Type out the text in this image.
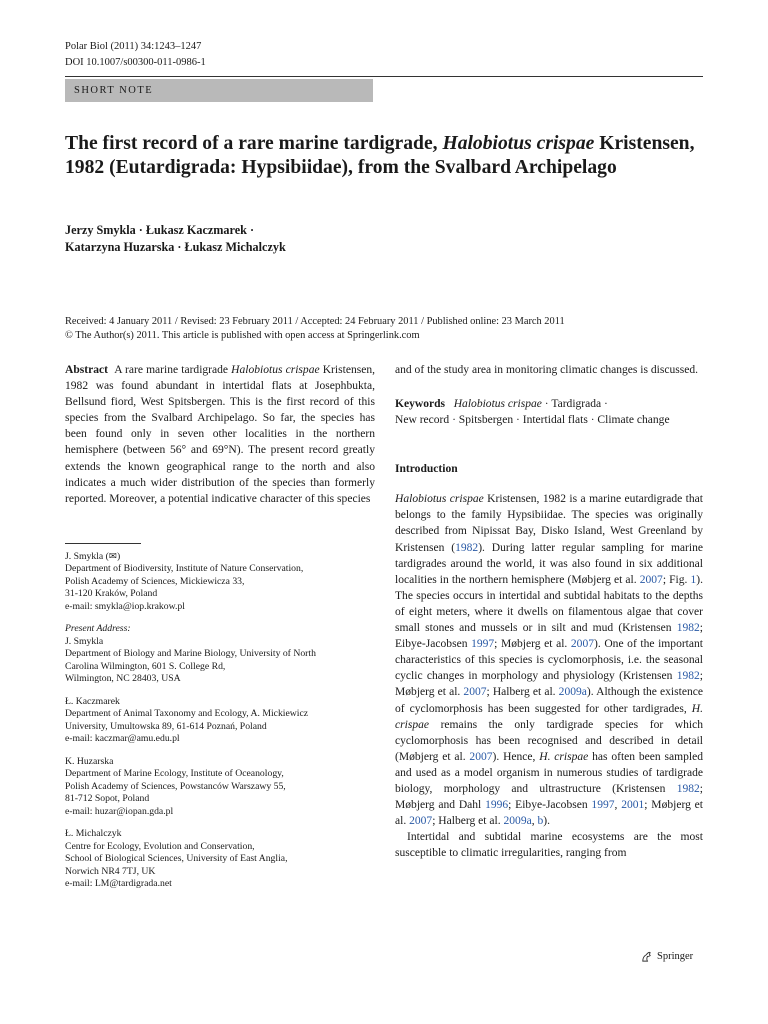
Polar Biol (2011) 34:1243–1247
DOI 10.1007/s00300-011-0986-1
SHORT NOTE
The first record of a rare marine tardigrade, Halobiotus crispae Kristensen, 1982 (Eutardigrada: Hypsibiidae), from the Svalbard Archipelago
Jerzy Smykla · Łukasz Kaczmarek ·
Katarzyna Huzarska · Łukasz Michalczyk
Received: 4 January 2011 / Revised: 23 February 2011 / Accepted: 24 February 2011 / Published online: 23 March 2011
© The Author(s) 2011. This article is published with open access at Springerlink.com

Abstract A rare marine tardigrade Halobiotus crispae Kristensen, 1982 was found abundant in intertidal flats at Josephbukta, Bellsund fiord, West Spitsbergen. This is the first record of this species from the Svalbard Archipelago. So far, the species has been found only in seven other localities in the northern hemisphere (between 56° and 69°N). The present record greatly extends the known geographical range to the north and also indicates a much wider distribution of the species than formerly reported. Moreover, a potential indicative character of this species

J. Smykla (✉)

Department of Biodiversity, Institute of Nature Conservation,

Polish Academy of Sciences, Mickiewicza 33,

31-120 Kraków, Poland

e-mail: smykla@iop.krakow.pl

Present Address:

J. Smykla

Department of Biology and Marine Biology, University of North

Carolina Wilmington, 601 S. College Rd,

Wilmington, NC 28403, USA

Ł. Kaczmarek

Department of Animal Taxonomy and Ecology, A. Mickiewicz

University, Umultowska 89, 61-614 Poznań, Poland

e-mail: kaczmar@amu.edu.pl

K. Huzarska

Department of Marine Ecology, Institute of Oceanology,

Polish Academy of Sciences, Powstanców Warszawy 55,

81-712 Sopot, Poland

e-mail: huzar@iopan.gda.pl

Ł. Michalczyk

Centre for Ecology, Evolution and Conservation,

School of Biological Sciences, University of East Anglia,

Norwich NR4 7TJ, UK

e-mail: LM@tardigrada.net

and of the study area in monitoring climatic changes is discussed.

Keywords Halobiotus crispae · Tardigrada ·
New record · Spitsbergen · Intertidal flats · Climate change

Introduction

Halobiotus crispae Kristensen, 1982 is a marine eutardigrade that belongs to the family Hypsibiidae. The species was originally described from Nipissat Bay, Disko Island, West Greenland by Kristensen (1982). During latter regular sampling for marine tardigrades around the world, it was also found in six additional localities in the northern hemisphere (Møbjerg et al. 2007; Fig. 1). The species occurs in intertidal and subtidal habitats to the depths of eight meters, where it dwells on filamentous algae that cover small stones and mussels or in silt and mud (Kristensen 1982; Eibye-Jacobsen 1997; Møbjerg et al. 2007). One of the important characteristics of this species is cyclomorphosis, i.e. the seasonal cyclic changes in morphology and physiology (Kristensen 1982; Møbjerg et al. 2007; Halberg et al. 2009a). Although the existence of cyclomorphosis has been suggested for other tardigrades, H. crispae remains the only tardigrade species for which cyclomorphosis has been recognised and described in detail (Møbjerg et al. 2007). Hence, H. crispae has often been sampled and used as a model organism in numerous studies of tardigrade biology, morphology and ultrastructure (Kristensen 1982; Møbjerg and Dahl 1996; Eibye-Jacobsen 1997, 2001; Møbjerg et al. 2007; Halberg et al. 2009a, b).

Intertidal and subtidal marine ecosystems are the most susceptible to climatic irregularities, ranging from

Springer
